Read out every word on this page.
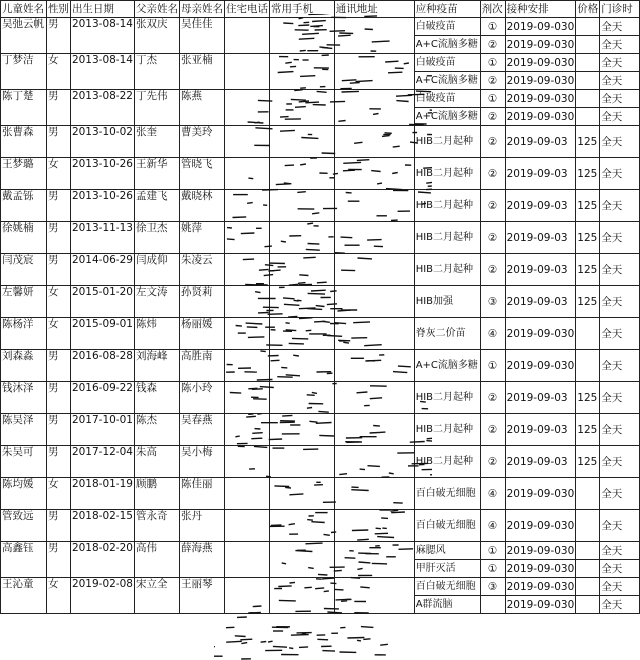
儿童姓名	性别	出生日期	父亲姓名	母亲姓名	住宅电话	常用手机	通讯地址	应种疫苗	剂次	接种安排	价格	门诊时
吴弛云帆	男	2013-08-14	张双庆	吴佳佳				白破疫苗	①	2019-09-030		全天
								A+C流脑多糖	②	2019-09-030		全天
丁梦洁	女	2013-08-14	丁杰	张亚楠				白破疫苗	①	2019-09-030		全天
								A+C流脑多糖	②	2019-09-030		全天
陈丁楚	男	2013-08-22	丁先伟	陈燕				白破疫苗	①	2019-09-030		全天
								A+C流脑多糖	②	2019-09-030		全天
张曹森	男	2013-10-02	张奎	曹美玲				HIB二月起种	②	2019-09-03	125	全天
王梦璐	女	2013-10-26	王新华	管晓飞				HIB二月起种	②	2019-09-03	125	全天
戴孟铄	男	2013-10-26	孟建飞	戴晓林				HIB二月起种	②	2019-09-03	125	全天
徐姚楠	男	2013-11-13	徐卫杰	姚萍				HIB二月起种	②	2019-09-03	125	全天
闫茂宸	男	2014-06-29	闫成仰	朱凌云				HIB二月起种	②	2019-09-03	125	全天
左馨妍	女	2015-01-20	左文涛	孙贤莉				HIB加强	③	2019-09-03	125	全天
陈杨洋	女	2015-09-01	陈炜	杨丽媛				脊灰二价苗	④	2019-09-030		全天
刘森淼	男	2016-08-28	刘海峰	高胜南				A+C流脑多糖	①	2019-09-030		全天
钱沐泽	男	2016-09-22	钱森	陈小玲				HIB二月起种	②	2019-09-03	125	全天
陈吴泽	男	2017-10-01	陈杰	吴春燕				HIB二月起种	②	2019-09-03	125	全天
朱吴可	男	2017-12-04	朱高	吴小梅				HIB二月起种	②	2019-09-03	125	全天
陈均媛	女	2018-01-19	顾鹏	陈佳丽				百白破无细胞	④	2019-09-030		全天
管致远	男	2018-02-15	管永奇	张丹				百白破无细胞	④	2019-09-030		全天
高鑫钰	男	2018-02-20	高伟	薛海燕				麻腮风	①	2019-09-030		全天
								甲肝灭活	①	2019-09-030		全天
王沁童	女	2019-02-08	宋立全	王丽琴				百白破无细胞	③	2019-09-030		全天
								A群流脑		2019-09-030		全天
